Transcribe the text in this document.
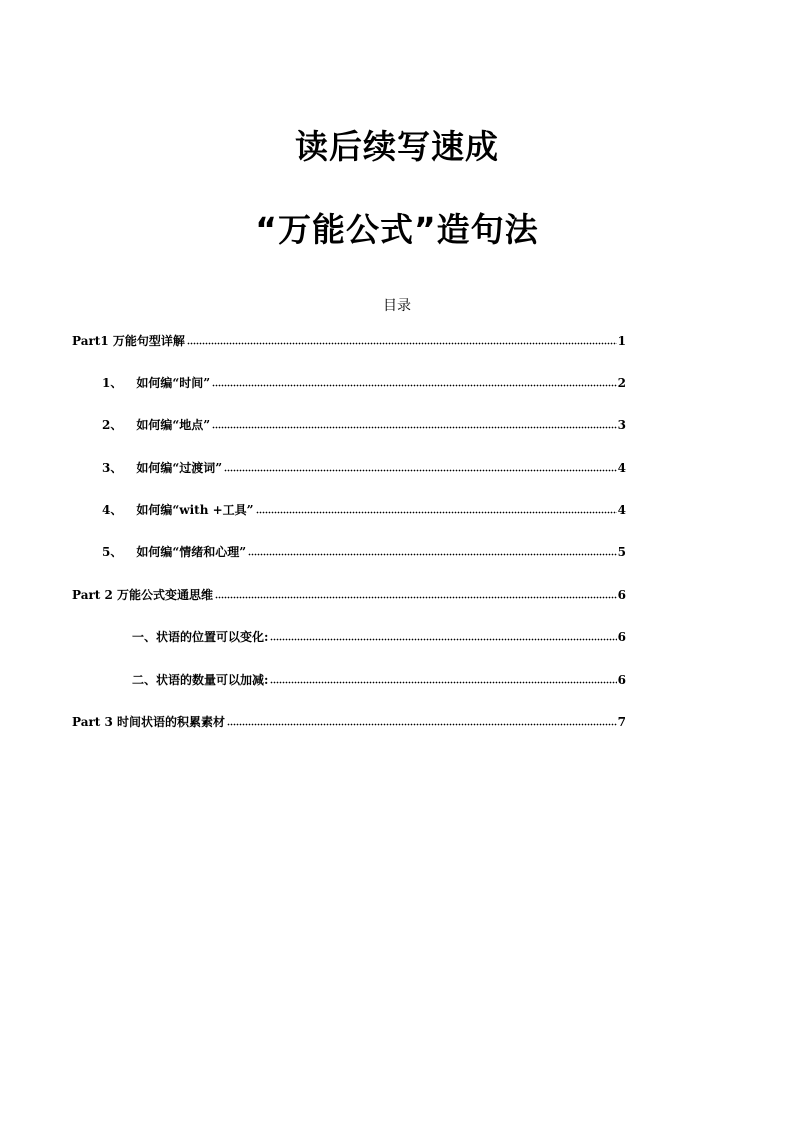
读后续写速成
“万能公式”造句法
目录
Part1 万能句型详解	1
1、 如何编“时间”	2
2、 如何编“地点”	3
3、 如何编“过渡词”	4
4、 如何编“with +工具”	4
5、 如何编“情绪和心理”	5
Part 2 万能公式变通思维	6
一、状语的位置可以变化:	6
二、状语的数量可以加减:	6
Part 3 时间状语的积累素材	7
